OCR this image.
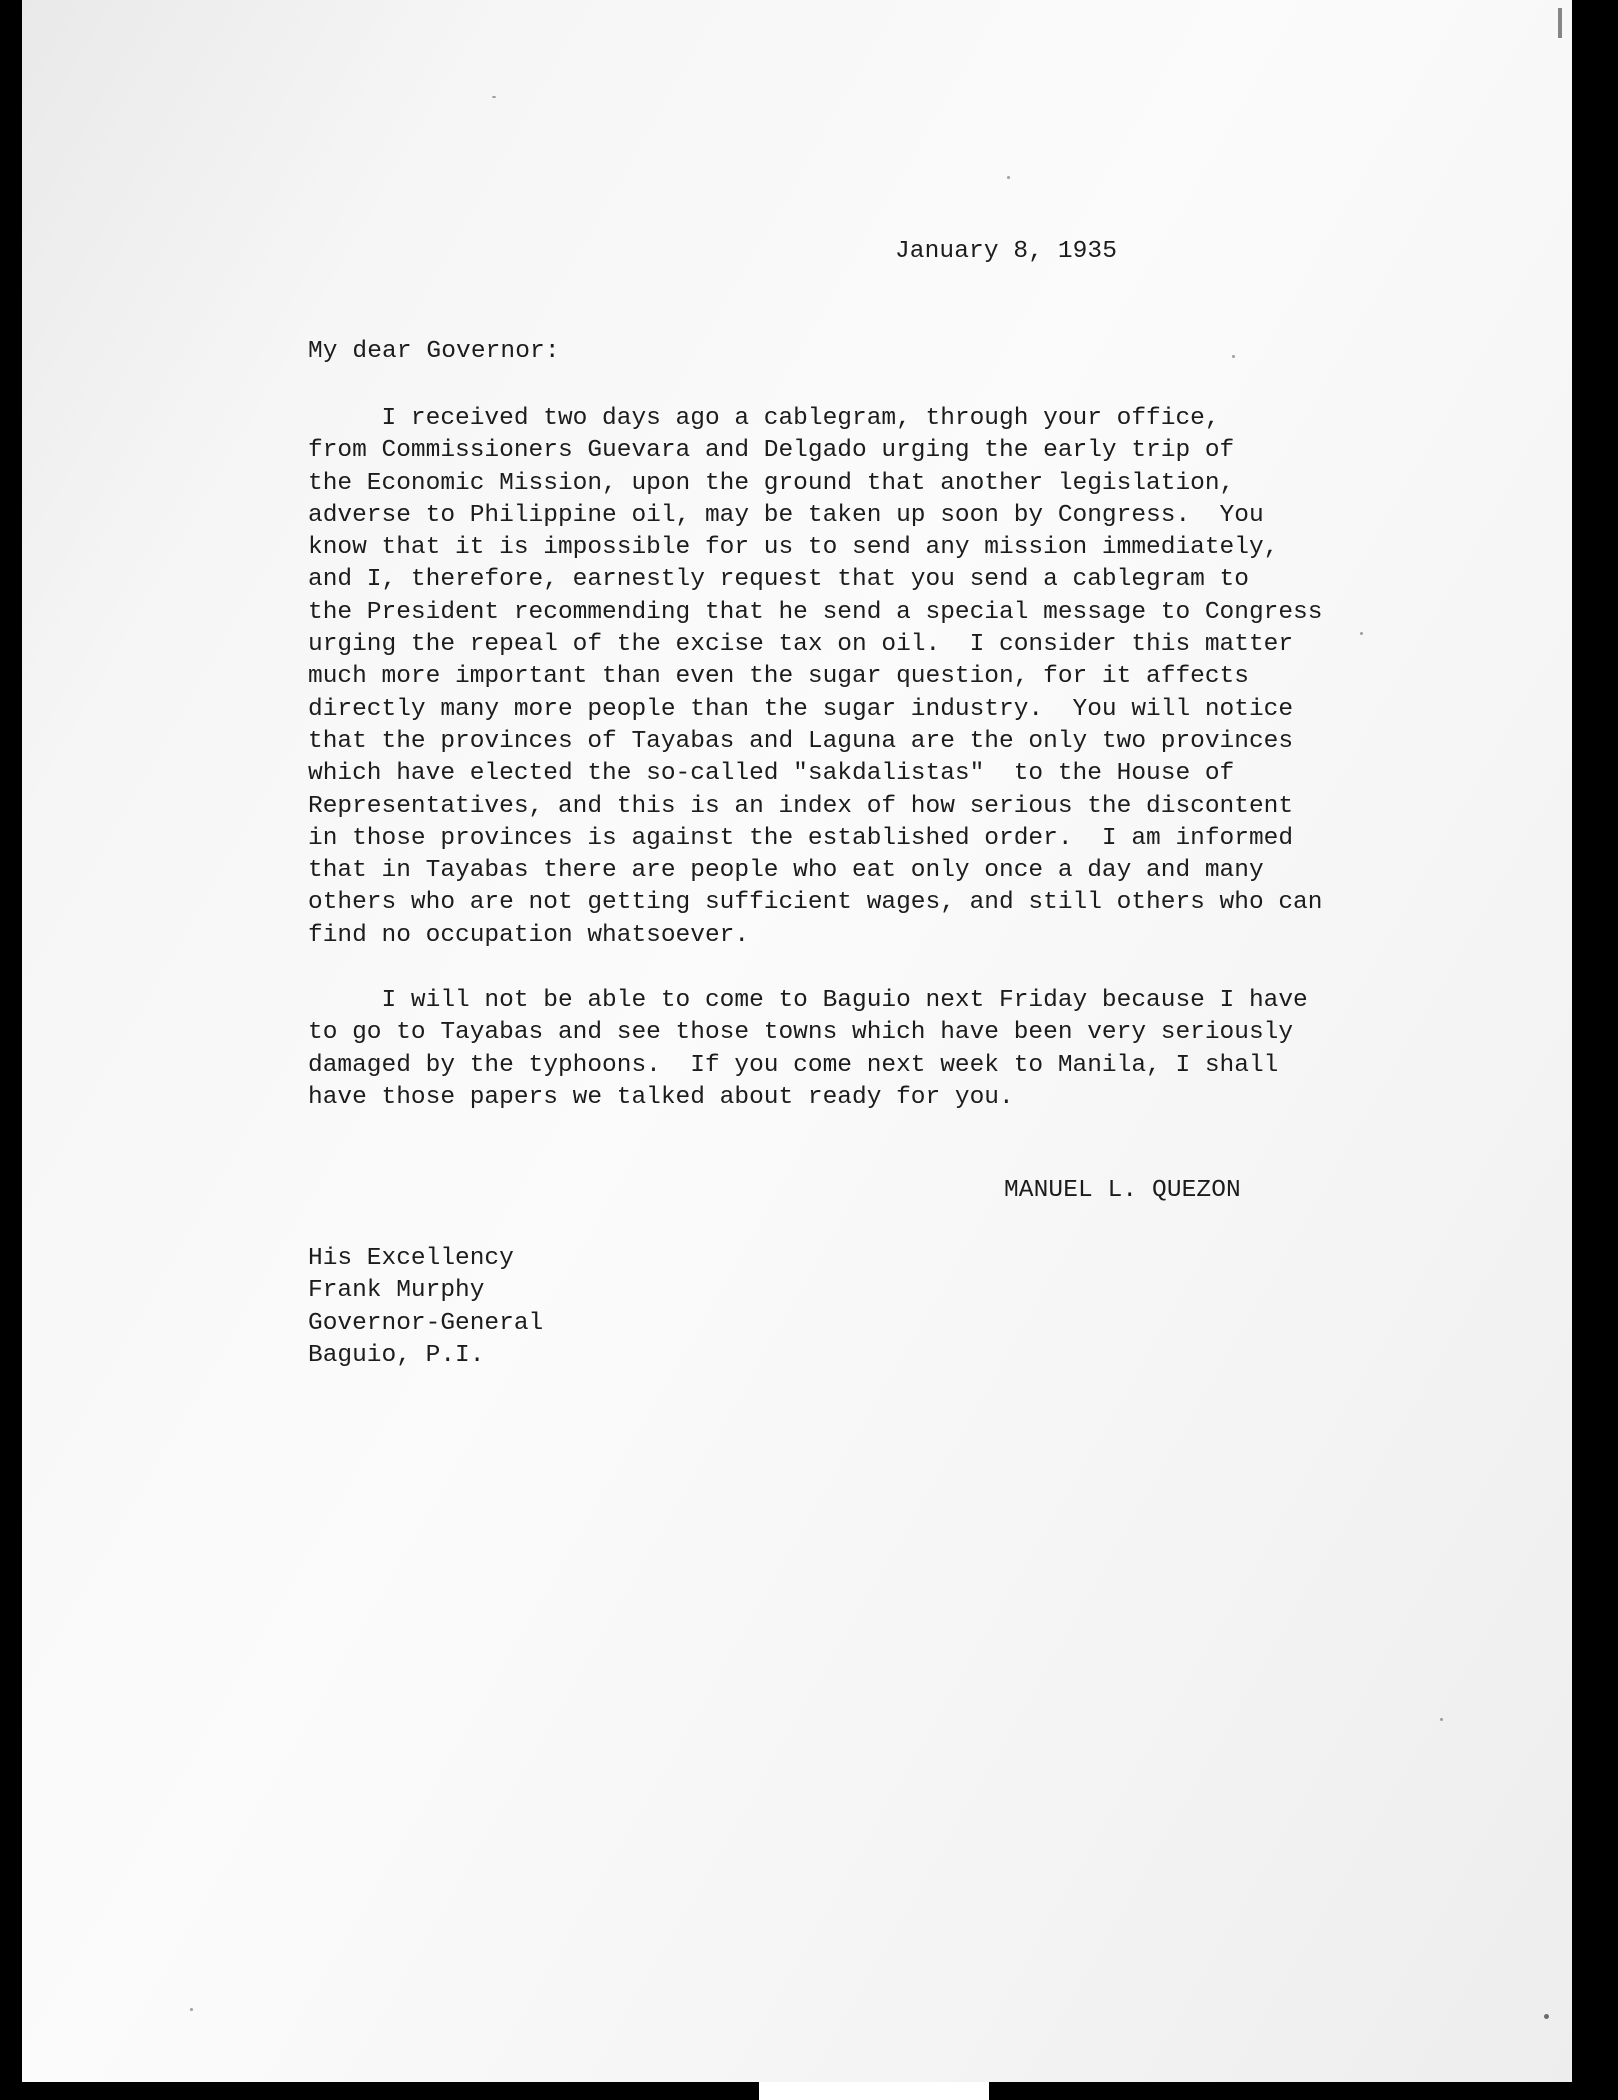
January 8, 1935
My dear Governor:
I received two days ago a cablegram, through your office,
from Commissioners Guevara and Delgado urging the early trip of
the Economic Mission, upon the ground that another legislation,
adverse to Philippine oil, may be taken up soon by Congress.  You
know that it is impossible for us to send any mission immediately,
and I, therefore, earnestly request that you send a cablegram to
the President recommending that he send a special message to Congress
urging the repeal of the excise tax on oil.  I consider this matter
much more important than even the sugar question, for it affects
directly many more people than the sugar industry.  You will notice
that the provinces of Tayabas and Laguna are the only two provinces
which have elected the so-called "sakdalistas"  to the House of
Representatives, and this is an index of how serious the discontent
in those provinces is against the established order.  I am informed
that in Tayabas there are people who eat only once a day and many
others who are not getting sufficient wages, and still others who can
find no occupation whatsoever.
I will not be able to come to Baguio next Friday because I have
to go to Tayabas and see those towns which have been very seriously
damaged by the typhoons.  If you come next week to Manila, I shall
have those papers we talked about ready for you.
MANUEL L. QUEZON
His Excellency
Frank Murphy
Governor-General
Baguio, P.I.
